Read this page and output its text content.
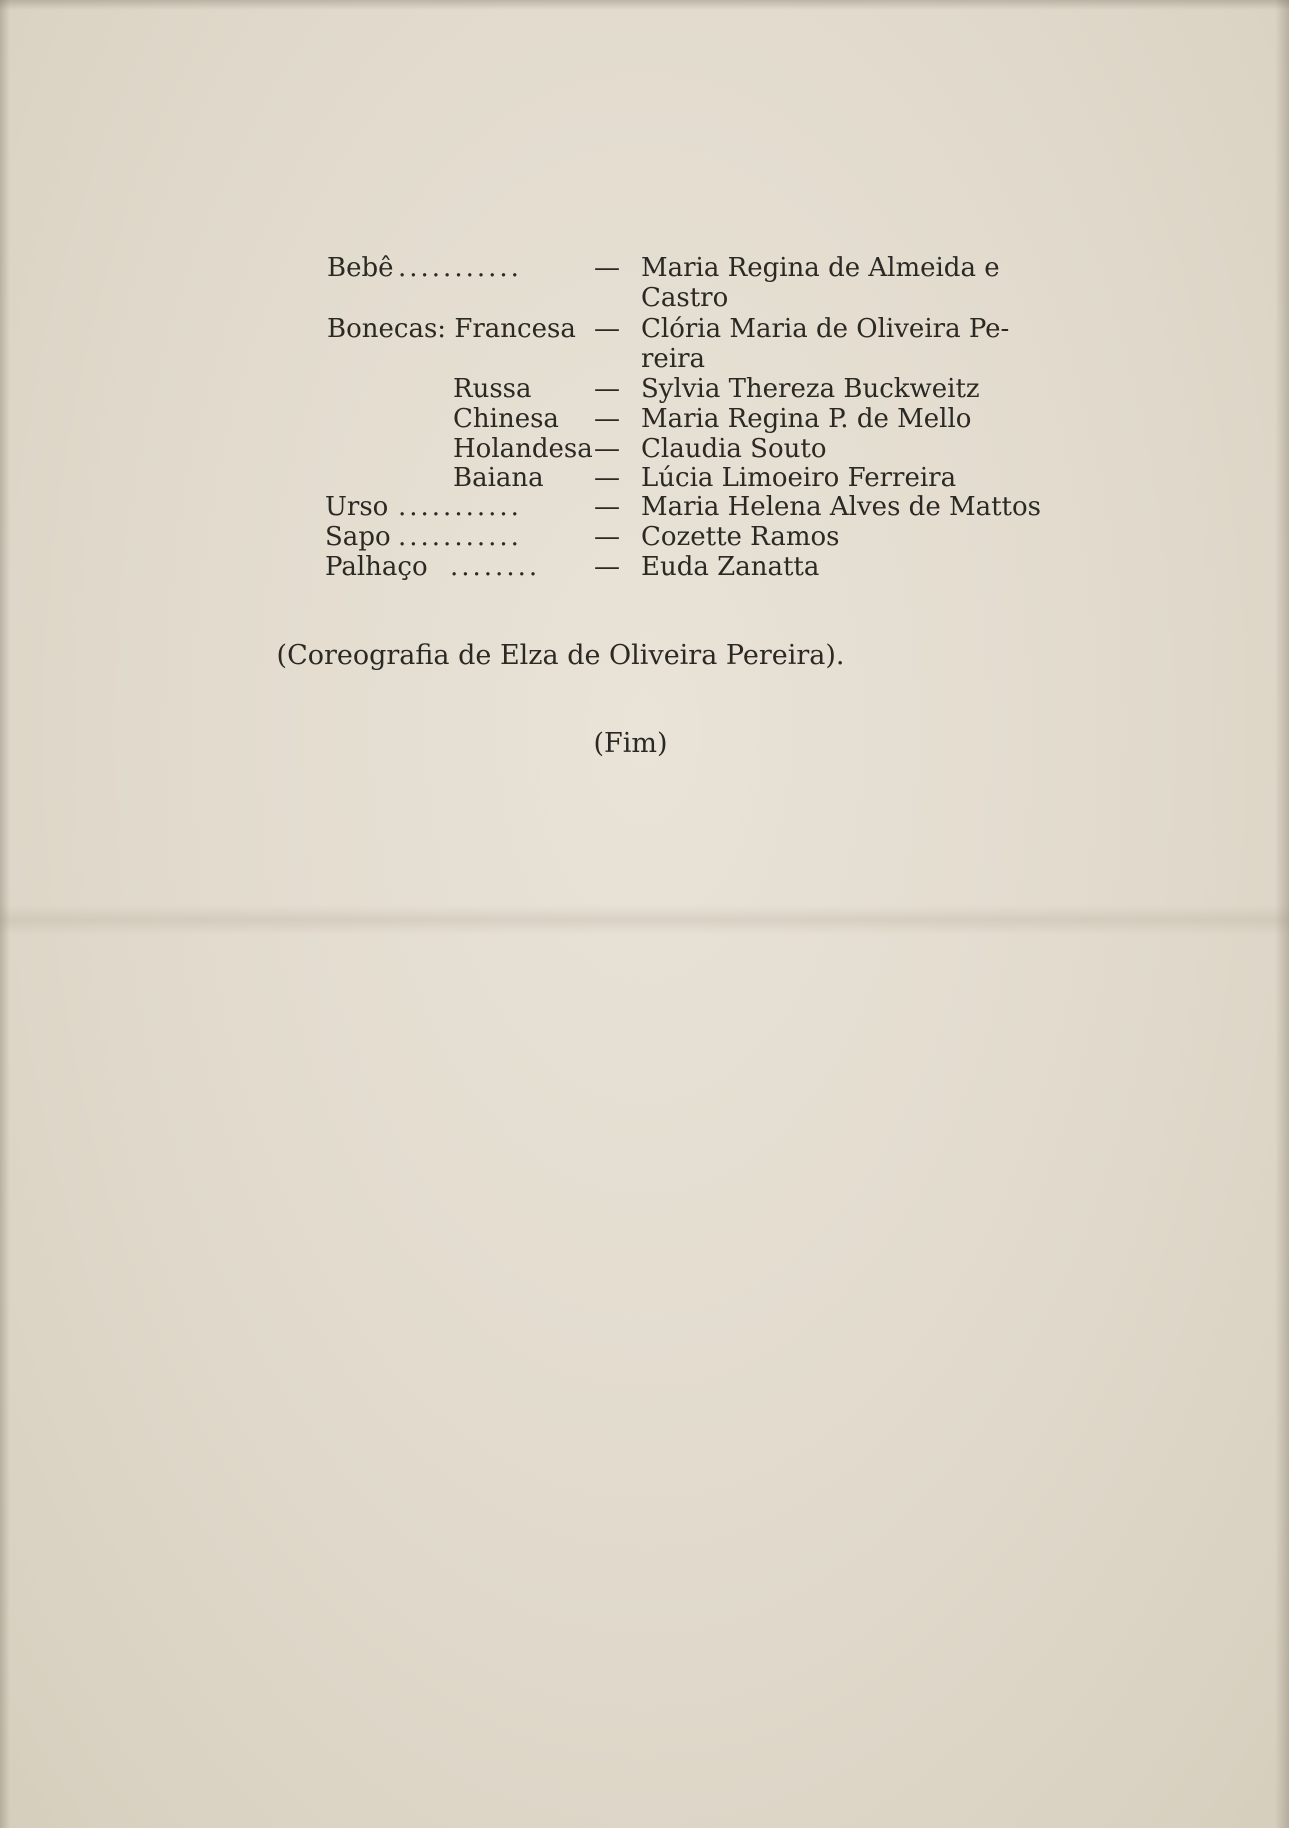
Bebê ...........	— Maria Regina de Almeida e
Castro
Bonecas: Francesa — Clória Maria de Oliveira Pe-
reira
Russa — Sylvia Thereza Buckweitz
Chinesa — Maria Regina P. de Mello
Holandesa — Claudia Souto
Baiana — Lúcia Limoeiro Ferreira
Urso ...........	— Maria Helena Alves de Mattos
Sapo ...........	— Cozette Ramos
Palhaço ........ — Euda Zanatta
(Coreografia de Elza de Oliveira Pereira).
(Fim)
